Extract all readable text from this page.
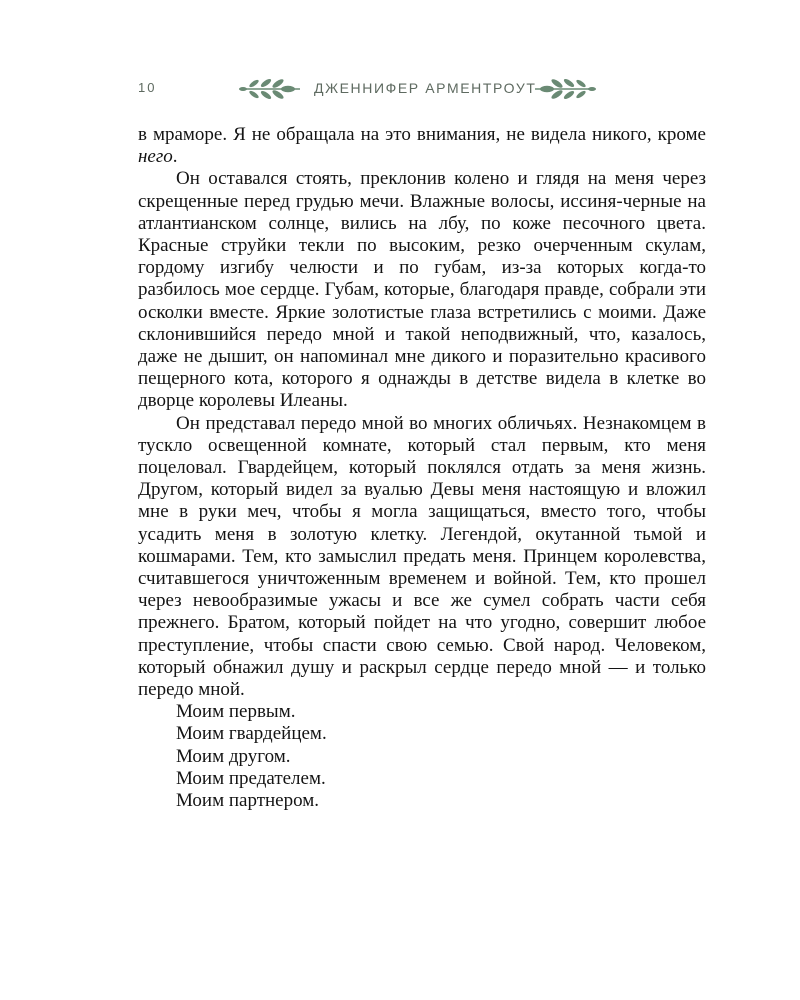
10	ДЖЕННИФЕР АРМЕНТРОУТ

в мраморе. Я не обращала на это внимания, не видела никого, кроме него.

Он оставался стоять, преклонив колено и глядя на меня через скрещенные перед грудью мечи. Влажные волосы, иссиня-черные на атлантианском солнце, вились на лбу, по коже песочного цвета. Красные струйки текли по высоким, резко очерченным скулам, гордому изгибу челюсти и по губам, из-за которых когда-то разбилось мое сердце. Губам, которые, благодаря правде, собрали эти осколки вместе. Яркие золотистые глаза встретились с моими. Даже склонившийся передо мной и такой неподвижный, что, казалось, даже не дышит, он напоминал мне дикого и поразительно красивого пещерного кота, которого я однажды в детстве видела в клетке во дворце королевы Илеаны.

Он представал передо мной во многих обличьях. Незнакомцем в тускло освещенной комнате, который стал первым, кто меня поцеловал. Гвардейцем, который поклялся отдать за меня жизнь. Другом, который видел за вуалью Девы меня настоящую и вложил мне в руки меч, чтобы я могла защищаться, вместо того, чтобы усадить меня в золотую клетку. Легендой, окутанной тьмой и кошмарами. Тем, кто замыслил предать меня. Принцем королевства, считавшегося уничтоженным временем и войной. Тем, кто прошел через невообразимые ужасы и все же сумел собрать части себя прежнего. Братом, который пойдет на что угодно, совершит любое преступление, чтобы спасти свою семью. Свой народ. Человеком, который обнажил душу и раскрыл сердце передо мной — и только передо мной.

Моим первым.

Моим гвардейцем.

Моим другом.

Моим предателем.

Моим партнером.
